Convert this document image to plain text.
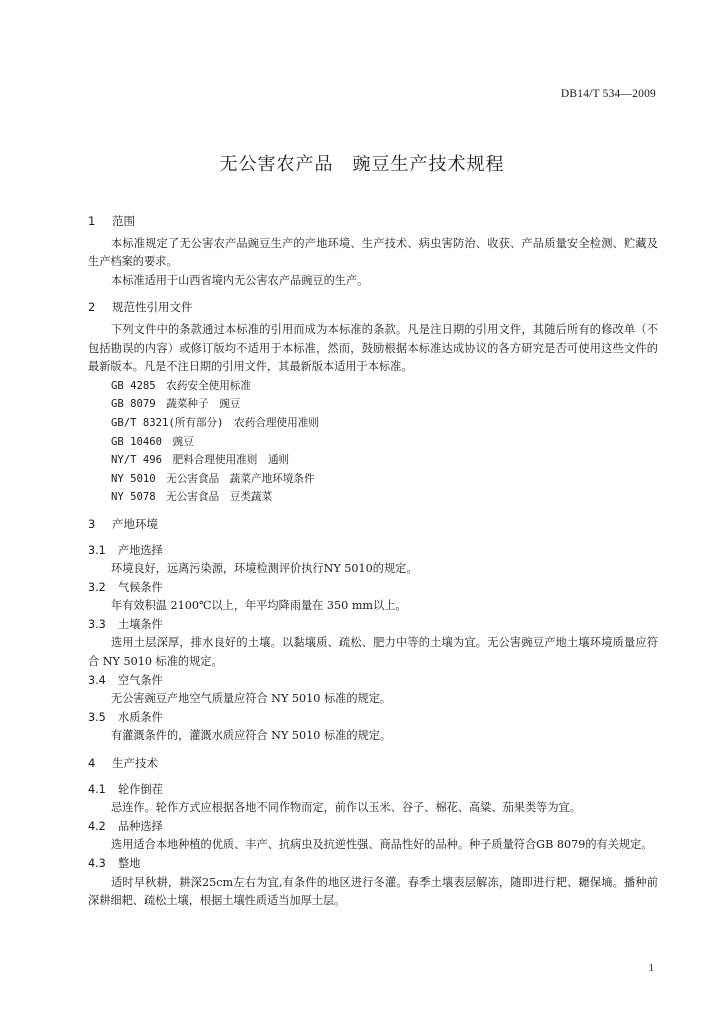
DB14/T 534—2009
无公害农产品　豌豆生产技术规程
1 范围

本标准规定了无公害农产品豌豆生产的产地环境、生产技术、病虫害防治、收获、产品质量安全检测、贮藏及生产档案的要求。

本标准适用于山西省境内无公害农产品豌豆的生产。

2 规范性引用文件

下列文件中的条款通过本标准的引用而成为本标准的条款。凡是注日期的引用文件，其随后所有的修改单（不包括勘误的内容）或修订版均不适用于本标准，然而，鼓励根据本标准达成协议的各方研究是否可使用这些文件的最新版本。凡是不注日期的引用文件，其最新版本适用于本标准。

GB 4285　农药安全使用标准

GB 8079　蔬菜种子　豌豆

GB/T 8321(所有部分)　农药合理使用准则

GB 10460　豌豆

NY/T 496　肥料合理使用准则　通则

NY 5010　无公害食品　蔬菜产地环境条件

NY 5078　无公害食品　豆类蔬菜

3 产地环境
3.1 产地选择

环境良好，远离污染源，环境检测评价执行NY 5010的规定。

3.2 气候条件

年有效积温 2100℃以上，年平均降雨量在 350 mm以上。

3.3 土壤条件

选用土层深厚，排水良好的土壤。以黏壤质、疏松、肥力中等的土壤为宜。无公害豌豆产地土壤环境质量应符合 NY 5010 标准的规定。

3.4 空气条件

无公害豌豆产地空气质量应符合 NY 5010 标准的规定。

3.5 水质条件

有灌溉条件的，灌溉水质应符合 NY 5010 标准的规定。

4 生产技术
4.1 轮作倒茬

忌连作。轮作方式应根据各地不同作物而定，前作以玉米、谷子、棉花、高粱、茄果类等为宜。

4.2 品种选择

选用适合本地种植的优质、丰产、抗病虫及抗逆性强、商品性好的品种。种子质量符合GB 8079的有关规定。

4.3 整地

适时早秋耕，耕深25cm左右为宜,有条件的地区进行冬灌。春季土壤表层解冻，随即进行耙、耱保墒。播种前深耕细耙、疏松土壤，根据土壤性质适当加厚土层。

1
